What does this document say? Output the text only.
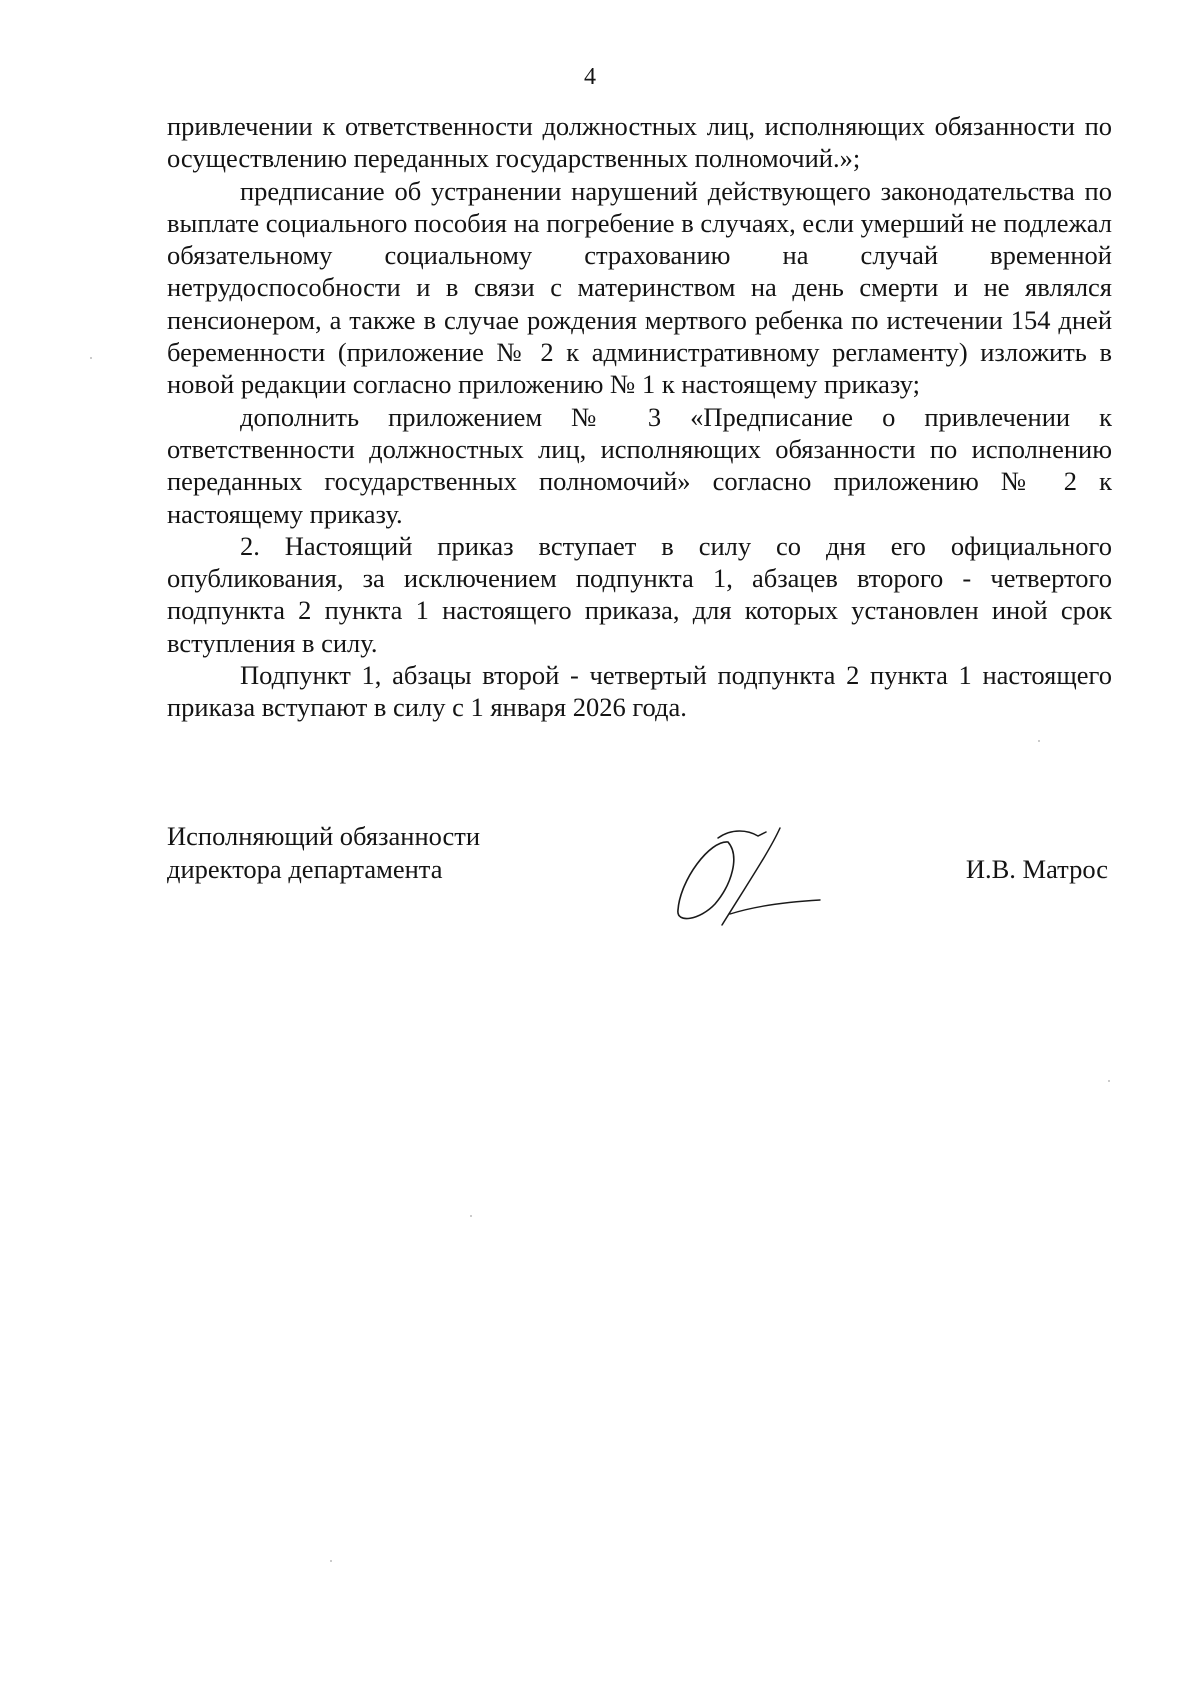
4

привлечении к ответственности должностных лиц, исполняющих обязанности по осуществлению переданных государственных полномочий.»;

предписание об устранении нарушений действующего законодательства по выплате социального пособия на погребение в случаях, если умерший не подлежал обязательному социальному страхованию на случай временной нетрудоспособности и в связи с материнством на день смерти и не являлся пенсионером, а также в случае рождения мертвого ребенка по истечении 154 дней беременности (приложение № 2 к административному регламенту) изложить в новой редакции согласно приложению № 1 к настоящему приказу;

дополнить приложением № 3 «Предписание о привлечении к ответственности должностных лиц, исполняющих обязанности по исполнению переданных государственных полномочий» согласно приложению № 2 к настоящему приказу.

2. Настоящий приказ вступает в силу со дня его официального опубликования, за исключением подпункта 1, абзацев второго - четвертого подпункта 2 пункта 1 настоящего приказа, для которых установлен иной срок вступления в силу.

Подпункт 1, абзацы второй - четвертый подпункта 2 пункта 1 настоящего приказа вступают в силу с 1 января 2026 года.

Исполняющий обязанности
директора департамента	И.В. Матрос
